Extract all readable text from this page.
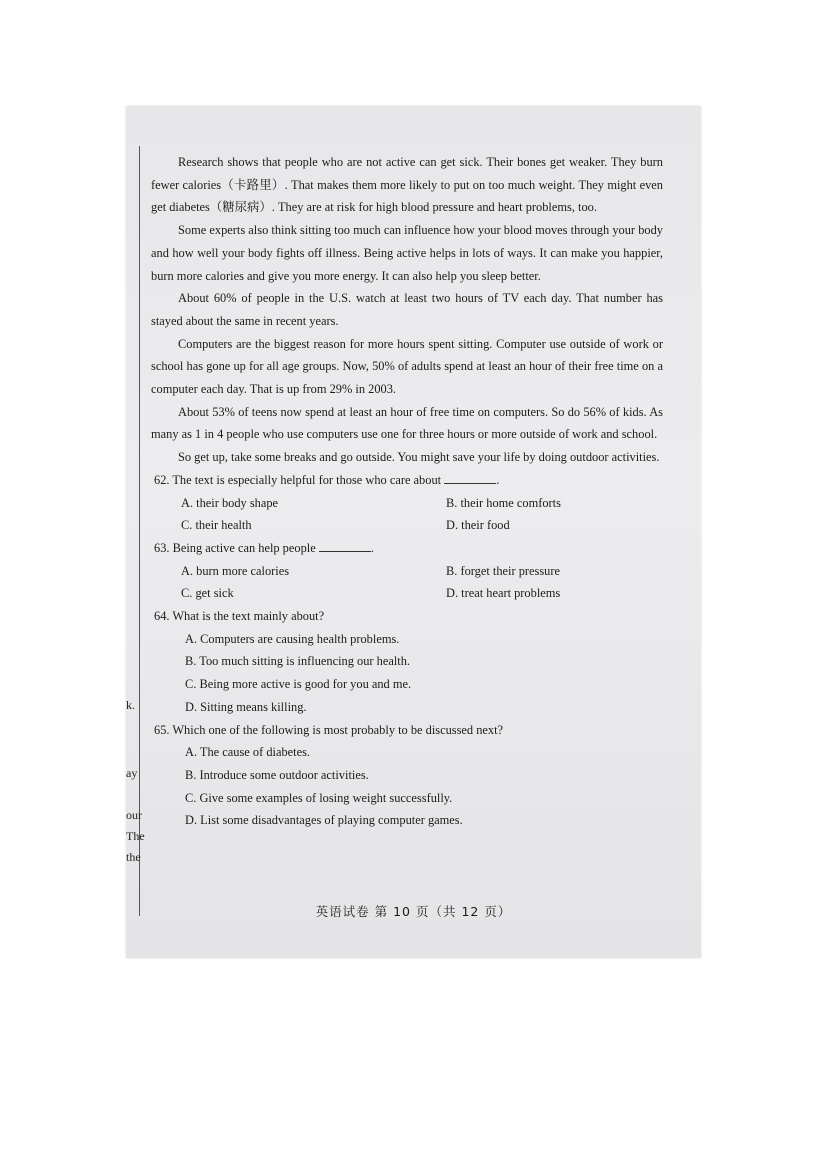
k.
ay
our
The
the

Research shows that people who are not active can get sick. Their bones get weaker. They burn fewer calories（卡路里）. That makes them more likely to put on too much weight. They might even get diabetes（糖尿病）. They are at risk for high blood pressure and heart problems, too.

Some experts also think sitting too much can influence how your blood moves through your body and how well your body fights off illness. Being active helps in lots of ways. It can make you happier, burn more calories and give you more energy. It can also help you sleep better.

About 60% of people in the U.S. watch at least two hours of TV each day. That number has stayed about the same in recent years.

Computers are the biggest reason for more hours spent sitting. Computer use outside of work or school has gone up for all age groups. Now, 50% of adults spend at least an hour of their free time on a computer each day. That is up from 29% in 2003.

About 53% of teens now spend at least an hour of free time on computers. So do 56% of kids. As many as 1 in 4 people who use computers use one for three hours or more outside of work and school.

So get up, take some breaks and go outside. You might save your life by doing outdoor activities.

62. The text is especially helpful for those who care about	.

A. their body shape	B. their home comforts

C. their health	D. their food

63. Being active can help people	.

A. burn more calories	B. forget their pressure

C. get sick	D. treat heart problems

64. What is the text mainly about?

A. Computers are causing health problems.

B. Too much sitting is influencing our health.

C. Being more active is good for you and me.

D. Sitting means killing.

65. Which one of the following is most probably to be discussed next?

A. The cause of diabetes.

B. Introduce some outdoor activities.

C. Give some examples of losing weight successfully.

D. List some disadvantages of playing computer games.

英语试卷 第 10 页（共 12 页）
